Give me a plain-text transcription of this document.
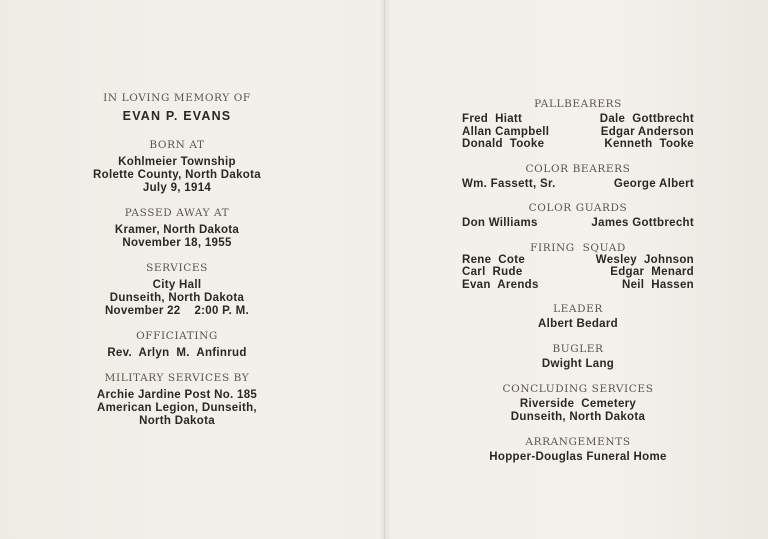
IN LOVING MEMORY OF
EVAN P. EVANS
BORN AT
Kohlmeier Township
Rolette County, North Dakota
July 9, 1914
PASSED AWAY AT
Kramer, North Dakota
November 18, 1955
SERVICES
City Hall
Dunseith, North Dakota
November 22    2:00 P. M.
OFFICIATING
Rev.  Arlyn  M.  Anfinrud
MILITARY SERVICES BY
Archie Jardine Post No. 185
American Legion, Dunseith,
North Dakota
PALLBEARERS
Fred  Hiatt	Dale  Gottbrecht
Allan Campbell	Edgar Anderson
Donald  Tooke	Kenneth  Tooke
COLOR BEARERS
Wm. Fassett, Sr.	George Albert
COLOR GUARDS
Don Williams	James Gottbrecht
FIRING  SQUAD
Rene  Cote	Wesley  Johnson
Carl  Rude	Edgar  Menard
Evan  Arends	Neil  Hassen
LEADER
Albert Bedard
BUGLER
Dwight Lang
CONCLUDING SERVICES
Riverside  Cemetery
Dunseith, North Dakota
ARRANGEMENTS
Hopper-Douglas Funeral Home
